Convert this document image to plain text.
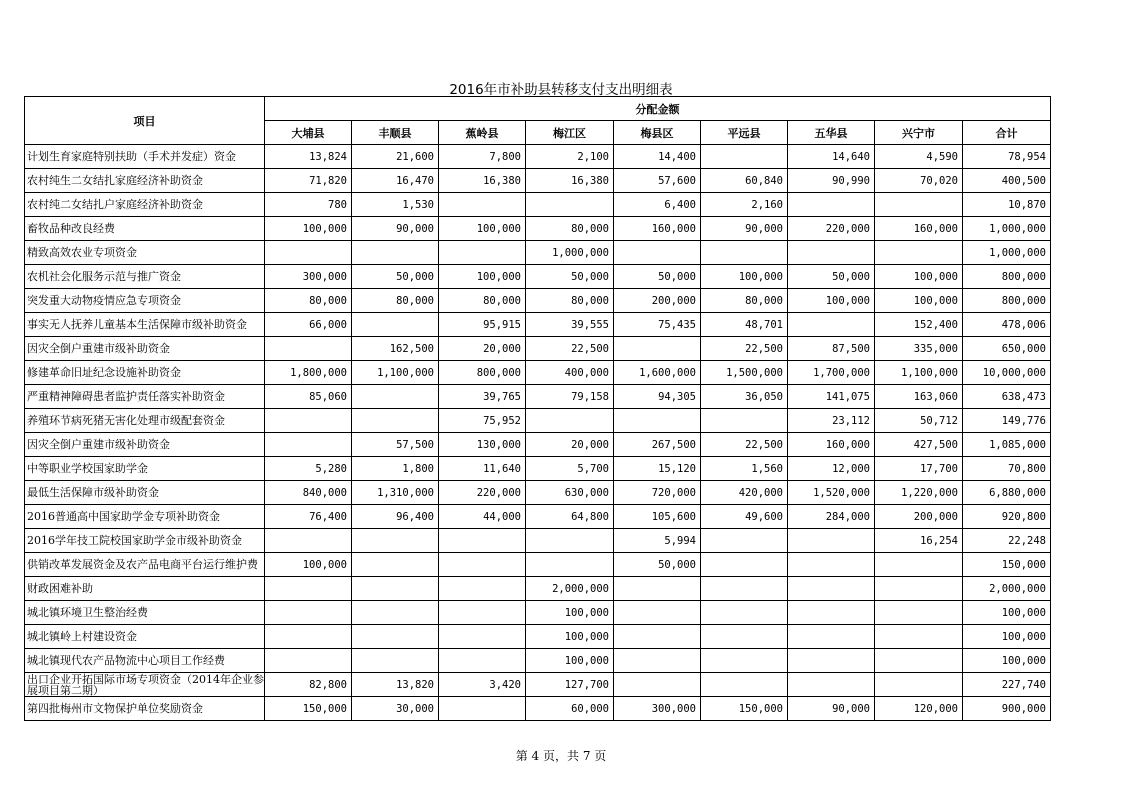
2016年市补助县转移支付支出明细表
项目	分配金额								
	大埔县	丰顺县	蕉岭县	梅江区	梅县区	平远县	五华县	兴宁市	合计
计划生育家庭特别扶助（手术并发症）资金	13,824	21,600	7,800	2,100	14,400		14,640	4,590	78,954
农村纯生二女结扎家庭经济补助资金	71,820	16,470	16,380	16,380	57,600	60,840	90,990	70,020	400,500
农村纯二女结扎户家庭经济补助资金	780	1,530			6,400	2,160			10,870
畜牧品种改良经费	100,000	90,000	100,000	80,000	160,000	90,000	220,000	160,000	1,000,000
精致高效农业专项资金				1,000,000					1,000,000
农机社会化服务示范与推广资金	300,000	50,000	100,000	50,000	50,000	100,000	50,000	100,000	800,000
突发重大动物疫情应急专项资金	80,000	80,000	80,000	80,000	200,000	80,000	100,000	100,000	800,000
事实无人抚养儿童基本生活保障市级补助资金	66,000		95,915	39,555	75,435	48,701		152,400	478,006
因灾全倒户重建市级补助资金		162,500	20,000	22,500		22,500	87,500	335,000	650,000
修建革命旧址纪念设施补助资金	1,800,000	1,100,000	800,000	400,000	1,600,000	1,500,000	1,700,000	1,100,000	10,000,000
严重精神障碍患者监护责任落实补助资金	85,060		39,765	79,158	94,305	36,050	141,075	163,060	638,473
养殖环节病死猪无害化处理市级配套资金			75,952				23,112	50,712	149,776
因灾全倒户重建市级补助资金		57,500	130,000	20,000	267,500	22,500	160,000	427,500	1,085,000
中等职业学校国家助学金	5,280	1,800	11,640	5,700	15,120	1,560	12,000	17,700	70,800
最低生活保障市级补助资金	840,000	1,310,000	220,000	630,000	720,000	420,000	1,520,000	1,220,000	6,880,000
2016普通高中国家助学金专项补助资金	76,400	96,400	44,000	64,800	105,600	49,600	284,000	200,000	920,800
2016学年技工院校国家助学金市级补助资金					5,994			16,254	22,248
供销改革发展资金及农产品电商平台运行维护费	100,000				50,000				150,000
财政困难补助				2,000,000					2,000,000
城北镇环境卫生整治经费				100,000					100,000
城北镇岭上村建设资金				100,000					100,000
城北镇现代农产品物流中心项目工作经费				100,000					100,000
出口企业开拓国际市场专项资金（2014年企业参展项目第二期）	82,800	13,820	3,420	127,700					227,740
第四批梅州市文物保护单位奖励资金	150,000	30,000		60,000	300,000	150,000	90,000	120,000	900,000
第 4 页，共 7 页
